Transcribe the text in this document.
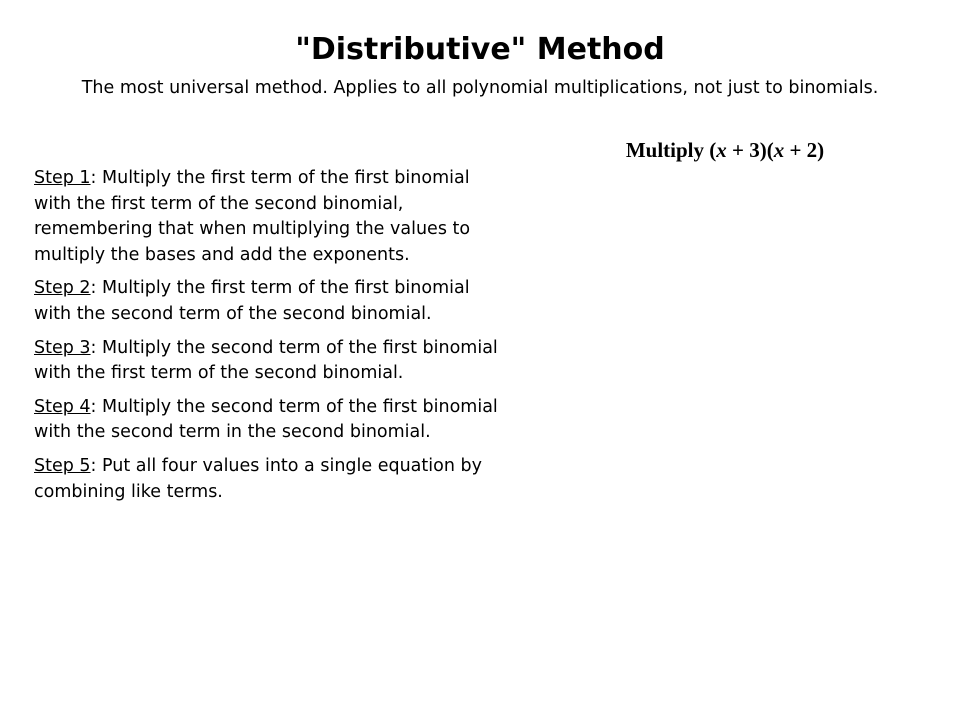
"Distributive" Method

The most universal method. Applies to all polynomial multiplications, not just to binomials.

Multiply (x + 3)(x + 2)

Step 1: Multiply the first term of the first binomial with the first term of the second binomial, remembering that when multiplying the values to multiply the bases and add the exponents.

Step 2: Multiply the first term of the first binomial with the second term of the second binomial.

Step 3: Multiply the second term of the first binomial with the first term of the second binomial.

Step 4: Multiply the second term of the first binomial with the second term in the second binomial.

Step 5: Put all four values into a single equation by combining like terms.
